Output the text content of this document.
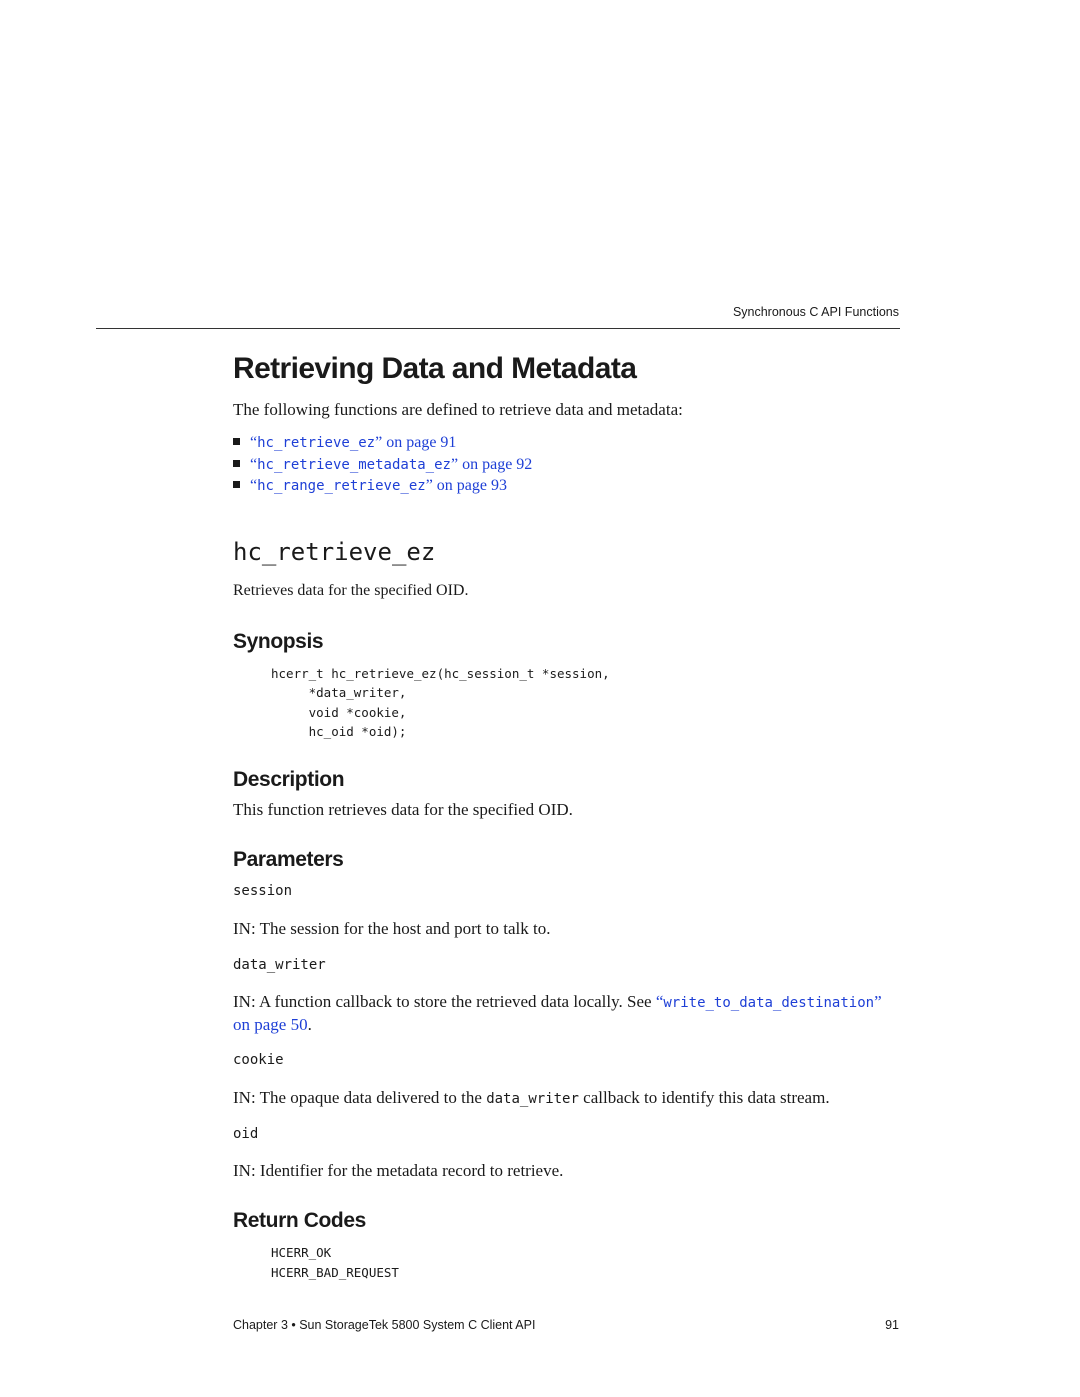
Synchronous C API Functions
Retrieving Data and Metadata

The following functions are defined to retrieve data and metadata:

“hc_retrieve_ez” on page 91
“hc_retrieve_metadata_ez” on page 92
“hc_range_retrieve_ez” on page 93
hc_retrieve_ez

Retrieves data for the specified OID.

Synopsis
hcerr_t hc_retrieve_ez(hc_session_t *session,
*data_writer,
void *cookie,
hc_oid *oid);
Description

This function retrieves data for the specified OID.

Parameters
session

IN: The session for the host and port to talk to.

data_writer

IN: A function callback to store the retrieved data locally. See “write_to_data_destination” on page 50.

cookie

IN: The opaque data delivered to the data_writer callback to identify this data stream.

oid

IN: Identifier for the metadata record to retrieve.

Return Codes
HCERR_OK
HCERR_BAD_REQUEST
Chapter 3 • Sun StorageTek 5800 System C Client API	91
